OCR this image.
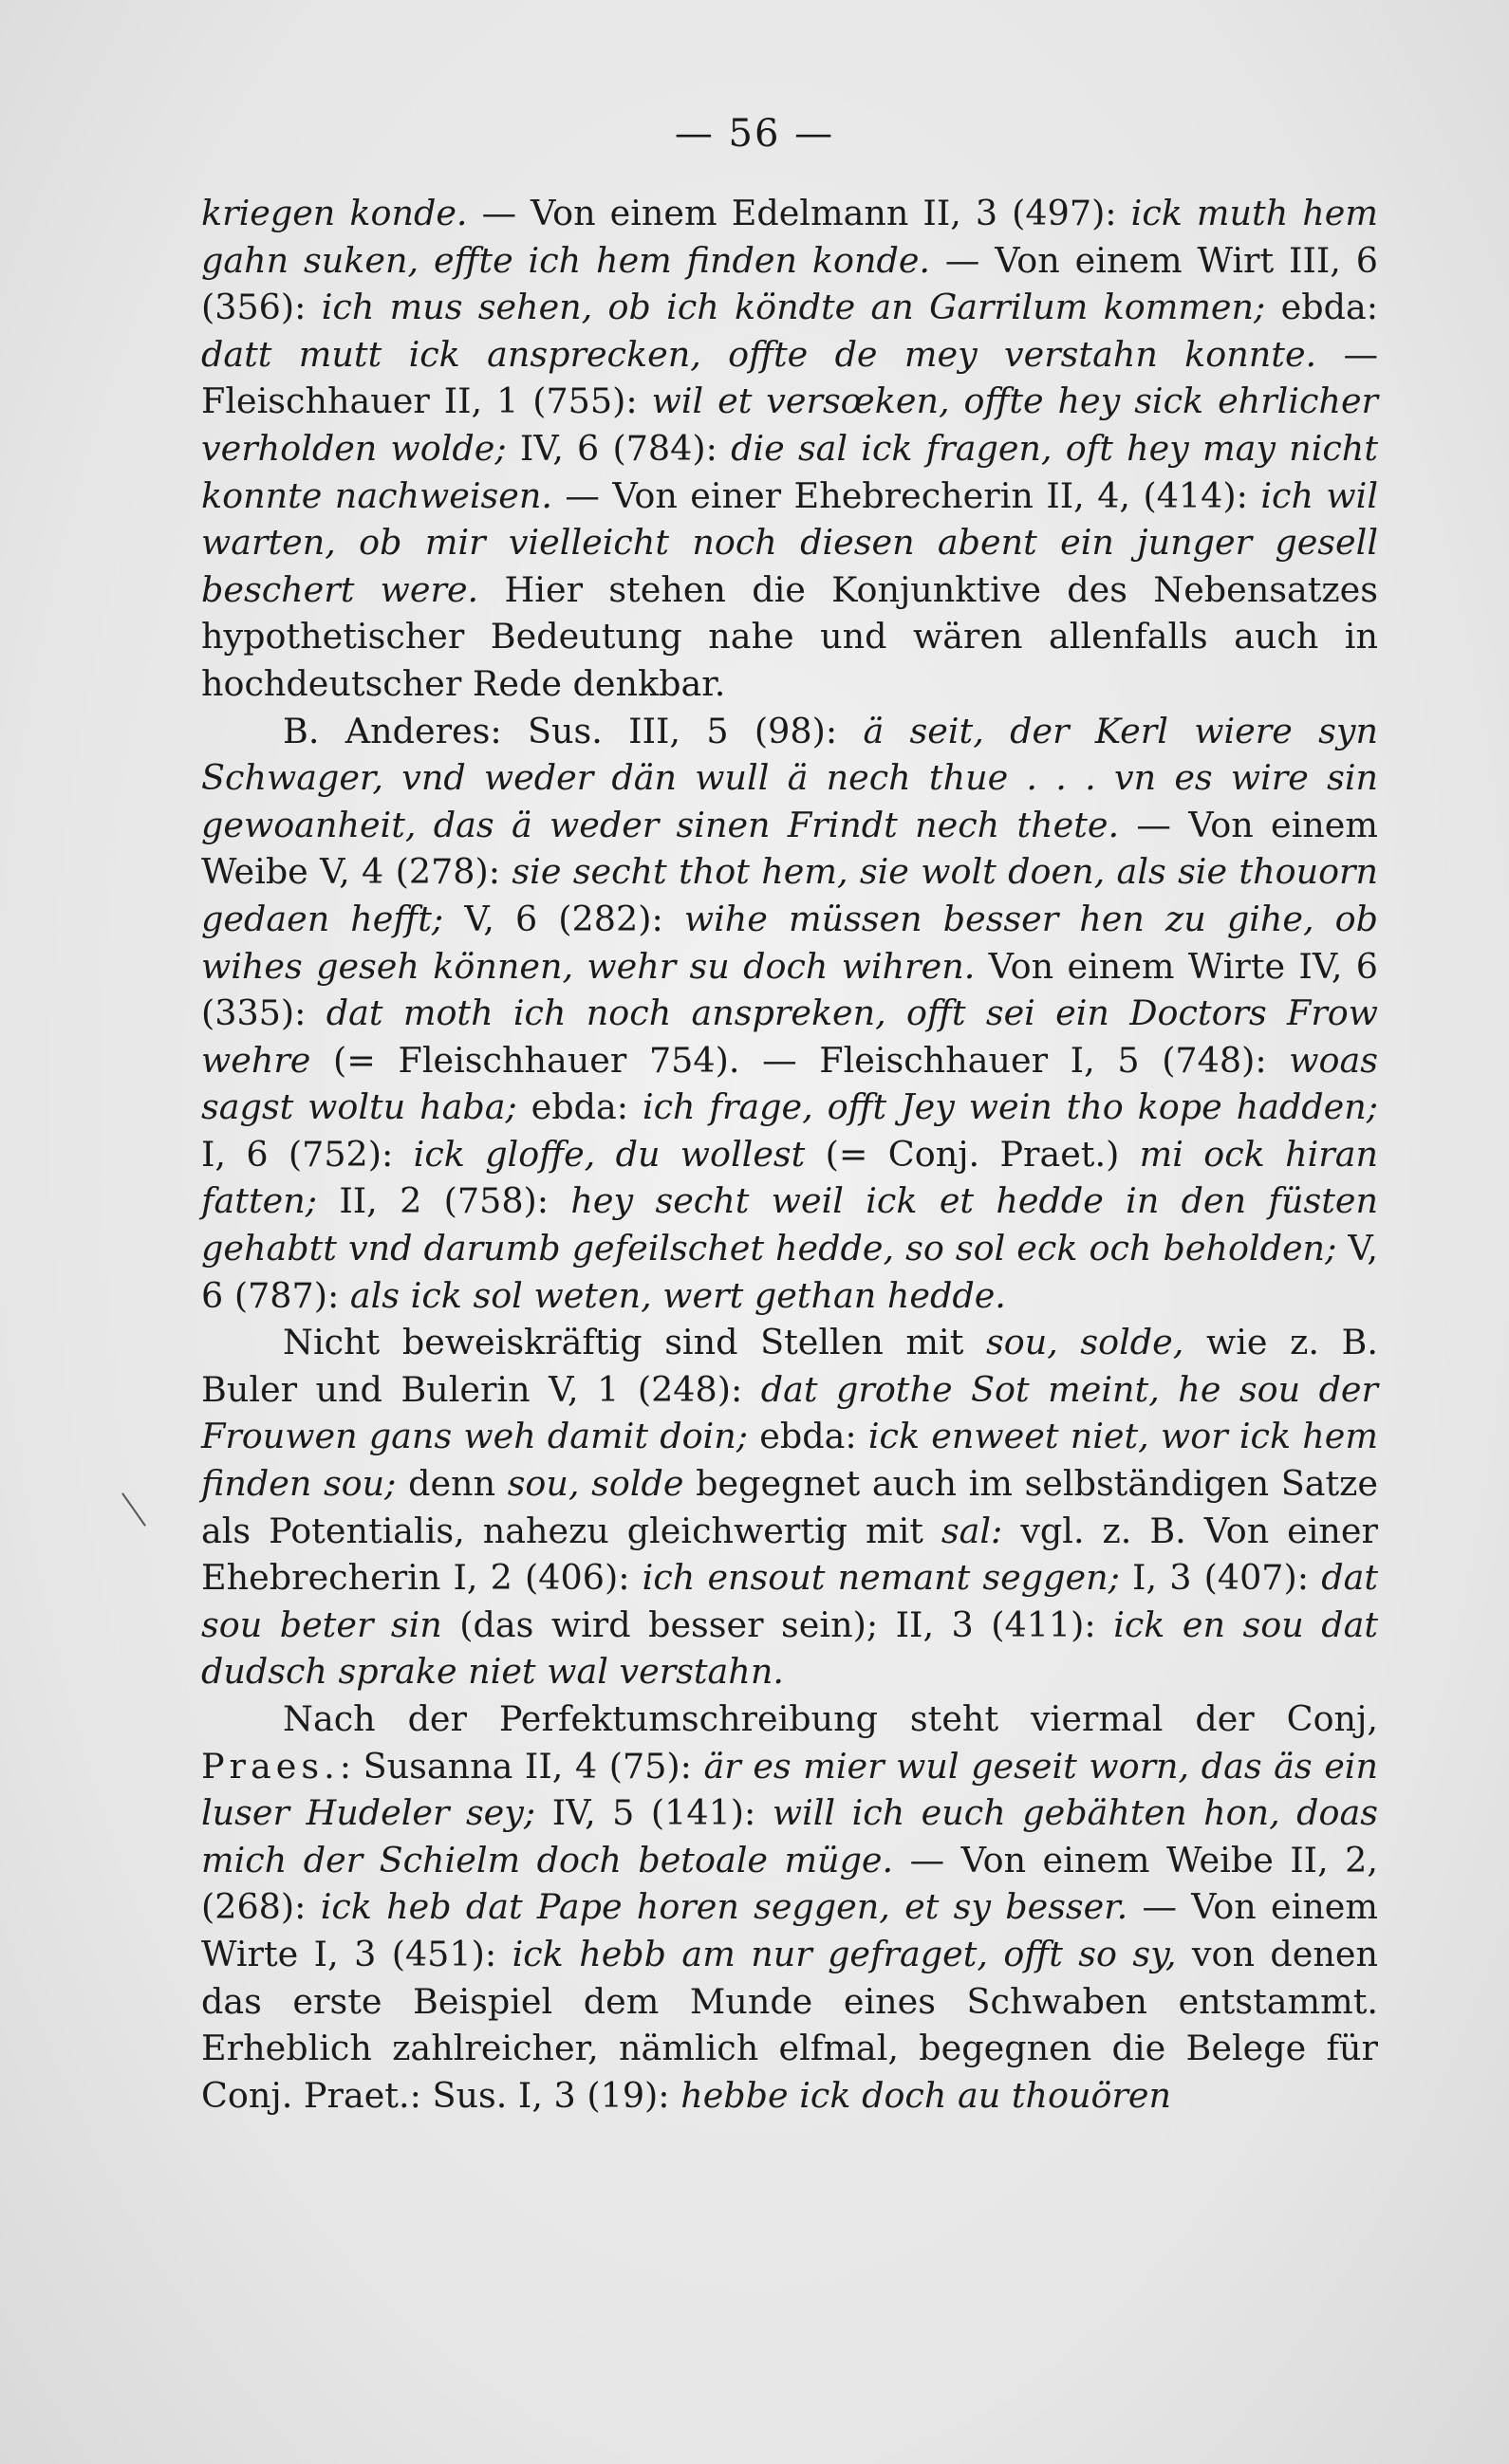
— 56 —

kriegen konde. — Von einem Edelmann II, 3 (497): ick muth hem gahn suken, effte ich hem finden konde. — Von einem Wirt III, 6 (356): ich mus sehen, ob ich köndte an Garrilum kommen; ebda: datt mutt ick ansprecken, offte de mey verstahn konnte. — Fleischhauer II, 1 (755): wil et versœken, offte hey sick ehrlicher verholden wolde; IV, 6 (784): die sal ick fragen, oft hey may nicht konnte nachweisen. — Von einer Ehebrecherin II, 4, (414): ich wil warten, ob mir vielleicht noch diesen abent ein junger gesell beschert were. Hier stehen die Konjunktive des Nebensatzes hypothetischer Bedeutung nahe und wären allenfalls auch in hochdeutscher Rede denkbar.

B. Anderes: Sus. III, 5 (98): ä seit, der Kerl wiere syn Schwager, vnd weder dän wull ä nech thue . . . vn es wire sin gewoanheit, das ä weder sinen Frindt nech thete. — Von einem Weibe V, 4 (278): sie secht thot hem, sie wolt doen, als sie thouorn gedaen hefft; V, 6 (282): wihe müssen besser hen zu gihe, ob wihes geseh können, wehr su doch wihren. Von einem Wirte IV, 6 (335): dat moth ich noch anspreken, offt sei ein Doctors Frow wehre (= Fleischhauer 754). — Fleischhauer I, 5 (748): woas sagst woltu haba; ebda: ich frage, offt Jey wein tho kope hadden; I, 6 (752): ick gloffe, du wollest (= Conj. Praet.) mi ock hiran fatten; II, 2 (758): hey secht weil ick et hedde in den füsten gehabtt vnd darumb gefeilschet hedde, so sol eck och beholden; V, 6 (787): als ick sol weten, wert gethan hedde.

Nicht beweiskräftig sind Stellen mit sou, solde, wie z. B. Buler und Bulerin V, 1 (248): dat grothe Sot meint, he sou der Frouwen gans weh damit doin; ebda: ick enweet niet, wor ick hem finden sou; denn sou, solde begegnet auch im selbständigen Satze als Potentialis, nahezu gleichwertig mit sal: vgl. z. B. Von einer Ehebrecherin I, 2 (406): ich ensout nemant seggen; I, 3 (407): dat sou beter sin (das wird besser sein); II, 3 (411): ick en sou dat dudsch sprake niet wal verstahn.

Nach der Perfektumschreibung steht viermal der Conj, Praes.: Susanna II, 4 (75): är es mier wul geseit worn, das äs ein luser Hudeler sey; IV, 5 (141): will ich euch gebähten hon, doas mich der Schielm doch betoale müge. — Von einem Weibe II, 2, (268): ick heb dat Pape horen seggen, et sy besser. — Von einem Wirte I, 3 (451): ick hebb am nur gefraget, offt so sy, von denen das erste Beispiel dem Munde eines Schwaben entstammt. Erheblich zahlreicher, nämlich elfmal, begegnen die Belege für Conj. Praet.: Sus. I, 3 (19): hebbe ick doch au thouören
